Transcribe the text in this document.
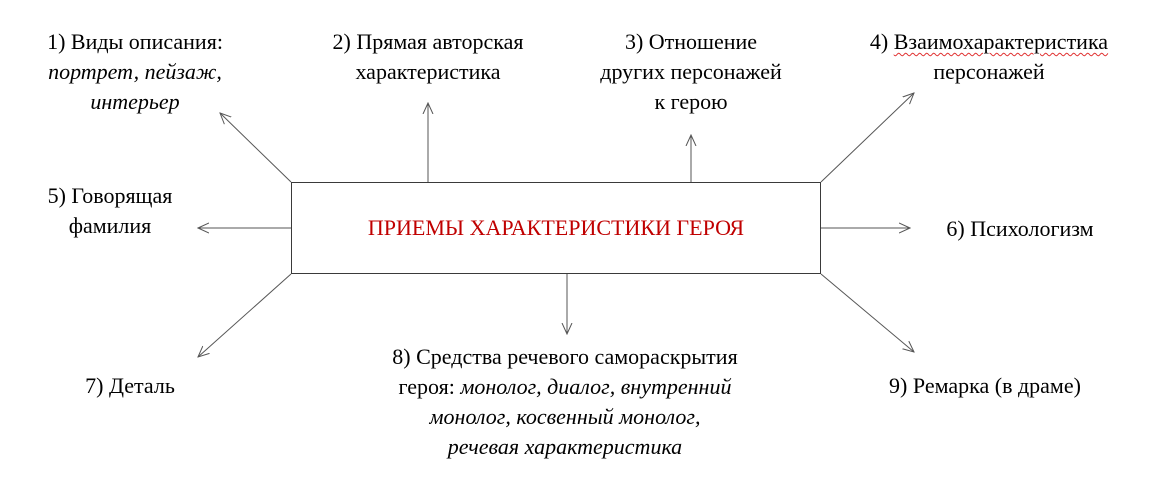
ПРИЕМЫ ХАРАКТЕРИСТИКИ ГЕРОЯ
1) Виды описания:
портрет, пейзаж,
интерьер
2) Прямая авторская
характеристика
3) Отношение
других персонажей
к герою
4) Взаимохарактеристика
персонажей
5) Говорящая
фамилия	6) Психологизм
7) Деталь
8) Средства речевого самораскрытия
героя: монолог, диалог, внутренний
монолог, косвенный монолог,
речевая характеристика
9) Ремарка (в драме)
